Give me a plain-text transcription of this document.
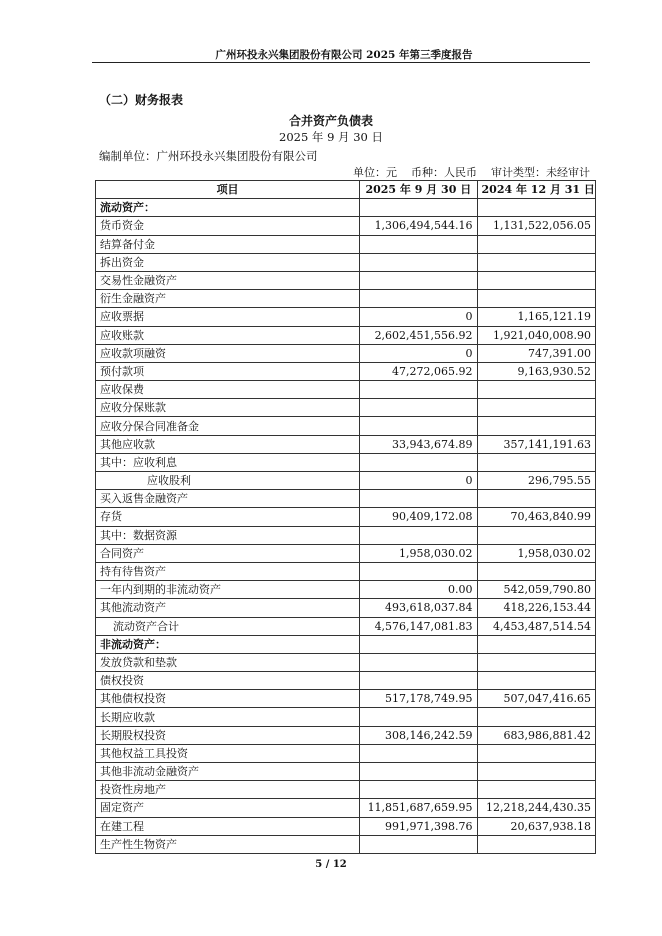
广州环投永兴集团股份有限公司 2025 年第三季度报告
（二）财务报表
合并资产负债表
2025 年 9 月 30 日
编制单位：广州环投永兴集团股份有限公司
单位：元    币种：人民币    审计类型：未经审计
项目	2025 年 9 月 30 日	2024 年 12 月 31 日
流动资产：		
货币资金	1,306,494,544.16	1,131,522,056.05
结算备付金		
拆出资金		
交易性金融资产		
衍生金融资产		
应收票据	0	1,165,121.19
应收账款	2,602,451,556.92	1,921,040,008.90
应收款项融资	0	747,391.00
预付款项	47,272,065.92	9,163,930.52
应收保费		
应收分保账款		
应收分保合同准备金		
其他应收款	33,943,674.89	357,141,191.63
其中：应收利息		
应收股利	0	296,795.55
买入返售金融资产		
存货	90,409,172.08	70,463,840.99
其中：数据资源		
合同资产	1,958,030.02	1,958,030.02
持有待售资产		
一年内到期的非流动资产	0.00	542,059,790.80
其他流动资产	493,618,037.84	418,226,153.44
流动资产合计	4,576,147,081.83	4,453,487,514.54
非流动资产：		
发放贷款和垫款		
债权投资		
其他债权投资	517,178,749.95	507,047,416.65
长期应收款		
长期股权投资	308,146,242.59	683,986,881.42
其他权益工具投资		
其他非流动金融资产		
投资性房地产		
固定资产	11,851,687,659.95	12,218,244,430.35
在建工程	991,971,398.76	20,637,938.18
生产性生物资产		
5 / 12
